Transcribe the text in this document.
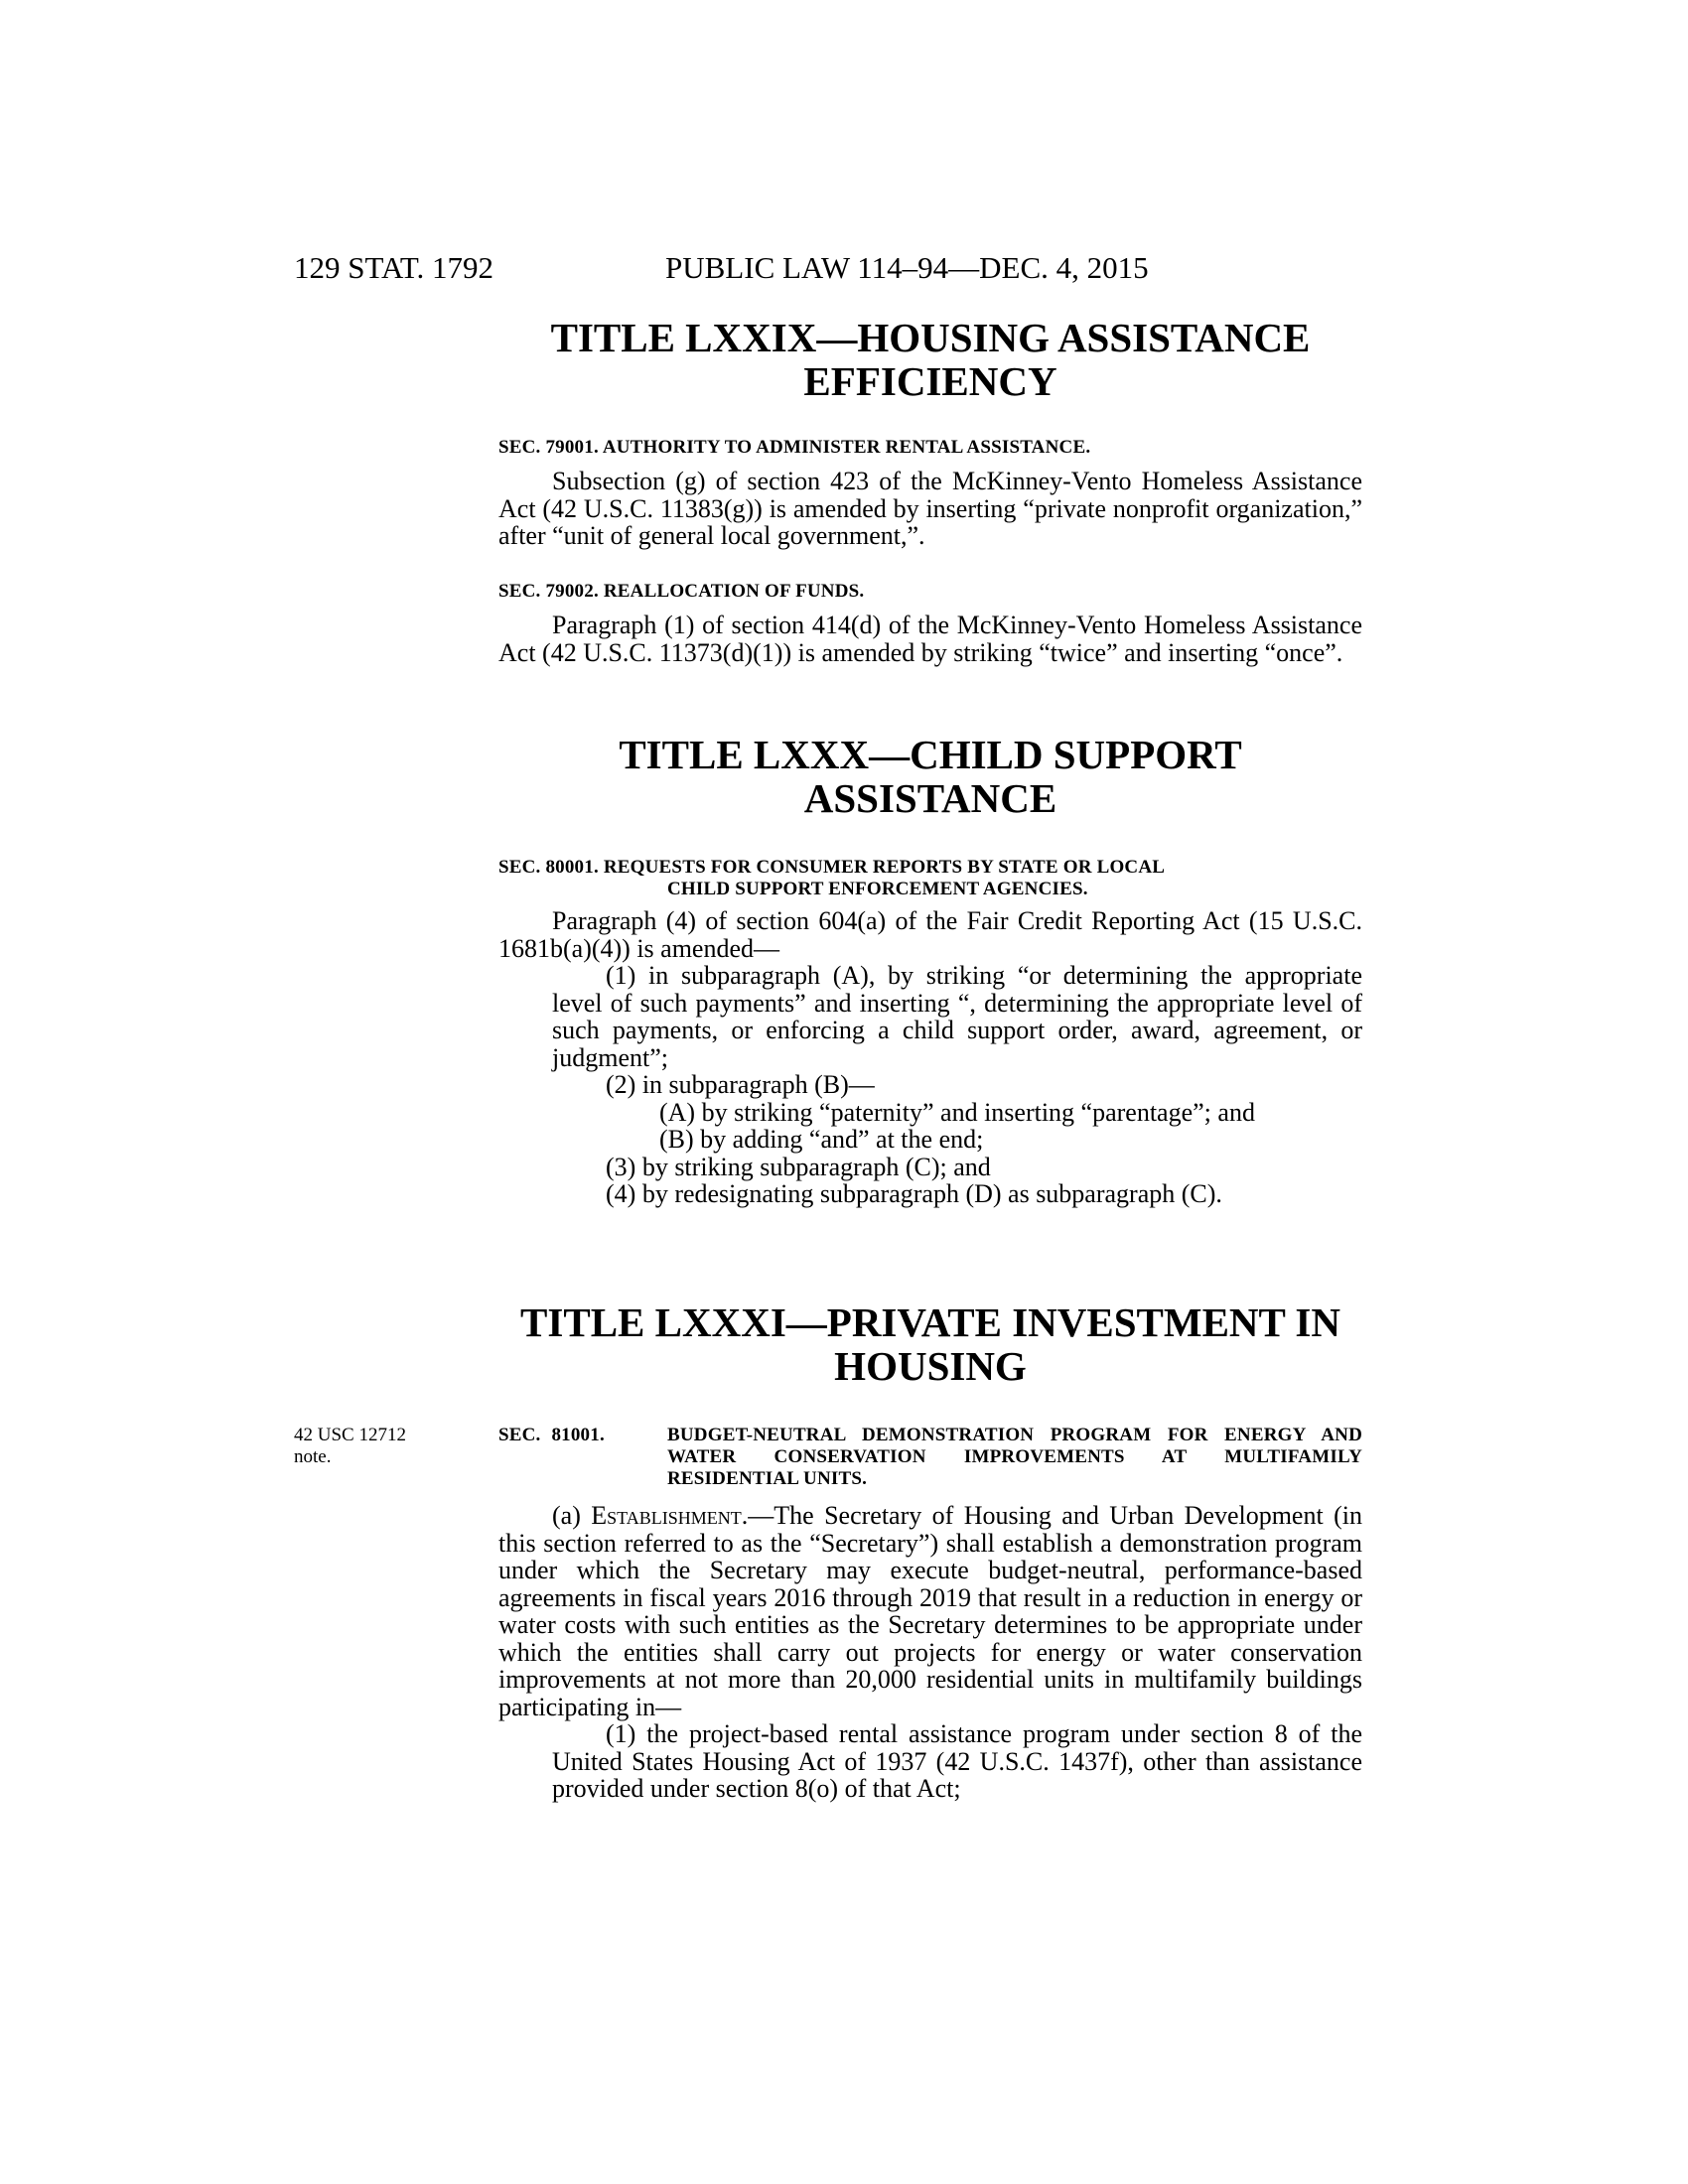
129 STAT. 1792	PUBLIC LAW 114–94—DEC. 4, 2015

TITLE LXXIX—HOUSING ASSISTANCE

EFFICIENCY

SEC. 79001. AUTHORITY TO ADMINISTER RENTAL ASSISTANCE.

Subsection (g) of section 423 of the McKinney-Vento Homeless Assistance Act (42 U.S.C. 11383(g)) is amended by inserting “private nonprofit organization,” after “unit of general local government,”.

SEC. 79002. REALLOCATION OF FUNDS.

Paragraph (1) of section 414(d) of the McKinney-Vento Homeless Assistance Act (42 U.S.C. 11373(d)(1)) is amended by striking “twice” and inserting “once”.

TITLE LXXX—CHILD SUPPORT

ASSISTANCE

SEC. 80001. REQUESTS FOR CONSUMER REPORTS BY STATE OR LOCAL

CHILD SUPPORT ENFORCEMENT AGENCIES.

Paragraph (4) of section 604(a) of the Fair Credit Reporting Act (15 U.S.C. 1681b(a)(4)) is amended—

(1) in subparagraph (A), by striking “or determining the appropriate level of such payments” and inserting “, determining the appropriate level of such payments, or enforcing a child support order, award, agreement, or judgment”;

(2) in subparagraph (B)—

(A) by striking “paternity” and inserting “parentage”; and

(B) by adding “and” at the end;

(3) by striking subparagraph (C); and

(4) by redesignating subparagraph (D) as subparagraph (C).

TITLE LXXXI—PRIVATE INVESTMENT IN

HOUSING

42 USC 12712
note.
SEC. 81001.	BUDGET-NEUTRAL DEMONSTRATION PROGRAM FOR ENERGY AND WATER CONSERVATION IMPROVEMENTS AT MULTIFAMILY RESIDENTIAL UNITS.

(a) Establishment.—The Secretary of Housing and Urban Development (in this section referred to as the “Secretary”) shall establish a demonstration program under which the Secretary may execute budget-neutral, performance-based agreements in fiscal years 2016 through 2019 that result in a reduction in energy or water costs with such entities as the Secretary determines to be appropriate under which the entities shall carry out projects for energy or water conservation improvements at not more than 20,000 residential units in multifamily buildings participating in—

(1) the project-based rental assistance program under section 8 of the United States Housing Act of 1937 (42 U.S.C. 1437f), other than assistance provided under section 8(o) of that Act;
